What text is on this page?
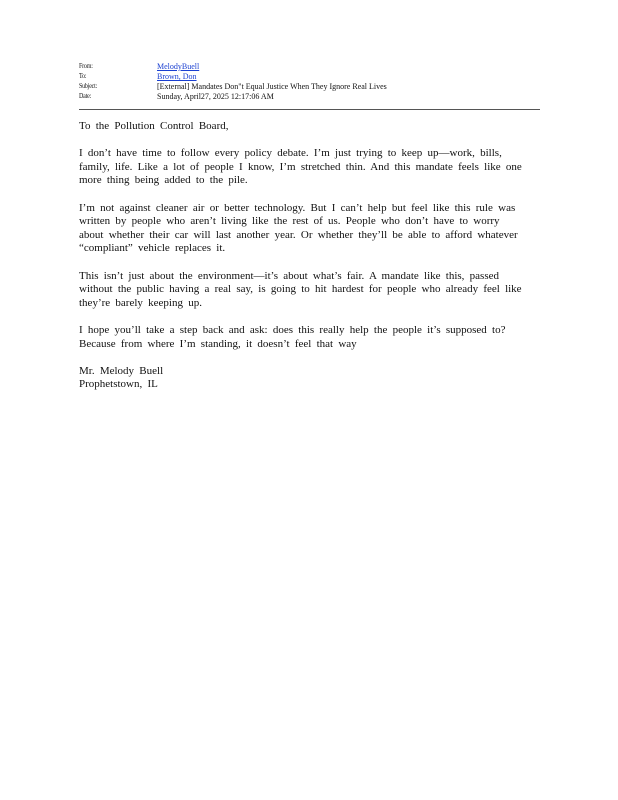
From:	MelodyBuell
To:	Brown, Don
Subject:	[External] Mandates Don"t Equal Justice When They Ignore Real Lives
Date:	Sunday, April27, 2025 12:17:06 AM

To the Pollution Control Board,

I don’t have time to follow every policy debate. I’m just trying to keep up—work, bills, family, life. Like a lot of people I know, I’m stretched thin. And this mandate feels like one more thing being added to the pile.

I’m not against cleaner air or better technology. But I can’t help but feel like this rule was written by people who aren’t living like the rest of us. People who don’t have to worry about whether their car will last another year. Or whether they’ll be able to afford whatever “compliant” vehicle replaces it.

This isn’t just about the environment—it’s about what’s fair. A mandate like this, passed without the public having a real say, is going to hit hardest for people who already feel like they’re barely keeping up.

I hope you’ll take a step back and ask: does this really help the people it’s supposed to? Because from where I’m standing, it doesn’t feel that way

Mr. Melody Buell

Prophetstown, IL
